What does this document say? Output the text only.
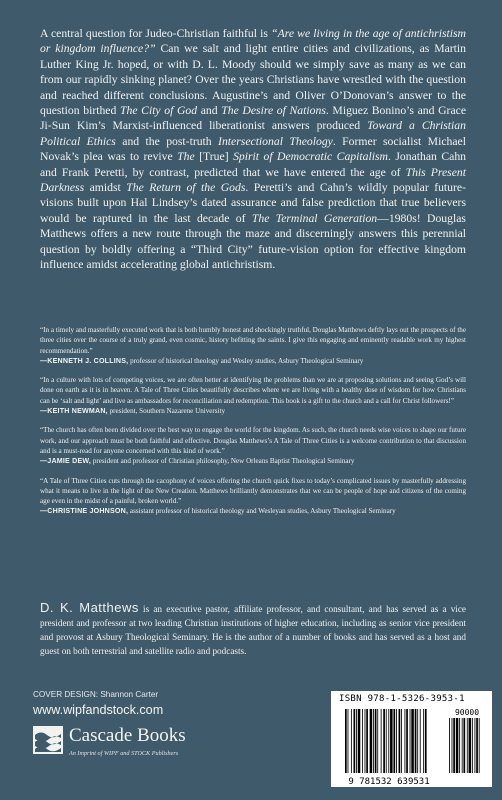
A central question for Judeo-Christian faithful is “Are we living in the age of antichristism or kingdom influence?” Can we salt and light entire cities and civilizations, as Martin Luther King Jr. hoped, or with D. L. Moody should we simply save as many as we can from our rapidly sinking planet? Over the years Christians have wrestled with the question and reached different conclusions. Augustine’s and Oliver O’Donovan’s answer to the question birthed The City of God and The Desire of Nations. Miguez Bonino’s and Grace Ji-Sun Kim’s Marxist-influenced liberationist answers produced Toward a Christian Political Ethics and the post-truth Intersectional Theology. Former socialist Michael Novak’s plea was to revive The [True] Spirit of Democratic Capitalism. Jonathan Cahn and Frank Peretti, by contrast, predicted that we have entered the age of This Present Darkness amidst The Return of the Gods. Peretti’s and Cahn’s wildly popular future-visions built upon Hal Lindsey’s dated assurance and false prediction that true believers would be raptured in the last decade of The Terminal Generation—1980s! Douglas Matthews offers a new route through the maze and discerningly answers this perennial question by boldly offering a “Third City” future-vision option for effective kingdom influence amidst accelerating global antichristism.

“In a timely and masterfully executed work that is both humbly honest and shockingly truthful, Douglas Matthews deftly lays out the prospects of the three cities over the course of a truly grand, even cosmic, history befitting the saints. I give this engaging and eminently readable work my highest recommendation.”
—KENNETH J. COLLINS, professor of historical theology and Wesley studies, Asbury Theological Seminary

“In a culture with lots of competing voices, we are often better at identifying the problems than we are at proposing solutions and seeing God’s will done on earth as it is in heaven. A Tale of Three Cities beautifully describes where we are living with a healthy dose of wisdom for how Christians can be ‘salt and light’ and live as ambassadors for reconciliation and redemption. This book is a gift to the church and a call for Christ followers!”
—KEITH NEWMAN, president, Southern Nazarene University

“The church has often been divided over the best way to engage the world for the kingdom. As such, the church needs wise voices to shape our future work, and our approach must be both faithful and effective. Douglas Matthews’s A Tale of Three Cities is a welcome contribution to that discussion and is a must-read for anyone concerned with this kind of work.”
—JAMIE DEW, president and professor of Christian philosophy, New Orleans Baptist Theological Seminary

“A Tale of Three Cities cuts through the cacophony of voices offering the church quick fixes to today’s complicated issues by masterfully addressing what it means to live in the light of the New Creation. Matthews brilliantly demonstrates that we can be people of hope and citizens of the coming age even in the midst of a painful, broken world.”
—CHRISTINE JOHNSON, assistant professor of historical theology and Wesleyan studies, Asbury Theological Seminary

D. K. Matthews is an executive pastor, affiliate professor, and consultant, and has served as a vice president and professor at two leading Christian institutions of higher education, including as senior vice president and provost at Asbury Theological Seminary. He is the author of a number of books and has served as a host and guest on both terrestrial and satellite radio and podcasts.

COVER DESIGN: Shannon Carter
www.wipfandstock.com
Cascade Books
An Imprint of WIPF and STOCK Publishers
ISBN 978-1-5326-3953-1
90000
9 781532 639531
